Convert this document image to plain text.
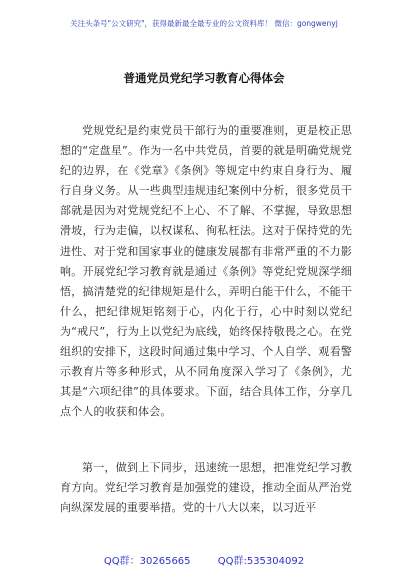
关注头条号"公文研究"，获得最新最全最专业的公文资料库！ 微信：gongwenyj
普通党员党纪学习教育心得体会
党规党纪是约束党员干部行为的重要准则，更是校正思想的“定盘星”。作为一名中共党员，首要的就是明确党规党纪的边界，在《党章》《条例》等规定中约束自身行为、履行自身义务。从一些典型违规违纪案例中分析，很多党员干部就是因为对党规党纪不上心、不了解、不掌握，导致思想滑坡，行为走偏，以权谋私、徇私枉法。这对于保持党的先进性、对于党和国家事业的健康发展都有非常严重的不力影响。开展党纪学习教育就是通过《条例》等党纪党规深学细悟，搞清楚党的纪律规矩是什么，弄明白能干什么，不能干什么，把纪律规矩铭刻于心，内化于行，心中时刻以党纪为“戒尺”，行为上以党纪为底线，始终保持敬畏之心。在党组织的安排下，这段时间通过集中学习、个人自学、观看警示教育片等多种形式，从不同角度深入学习了《条例》，尤其是“六项纪律”的具体要求。下面，结合具体工作，分享几点个人的收获和体会。
第一，做到上下同步，迅速统一思想，把准党纪学习教育方向。党纪学习教育是加强党的建设，推动全面从严治党向纵深发展的重要举措。党的十八大以来，以习近平
QQ群：30265665	QQ群:535304092
